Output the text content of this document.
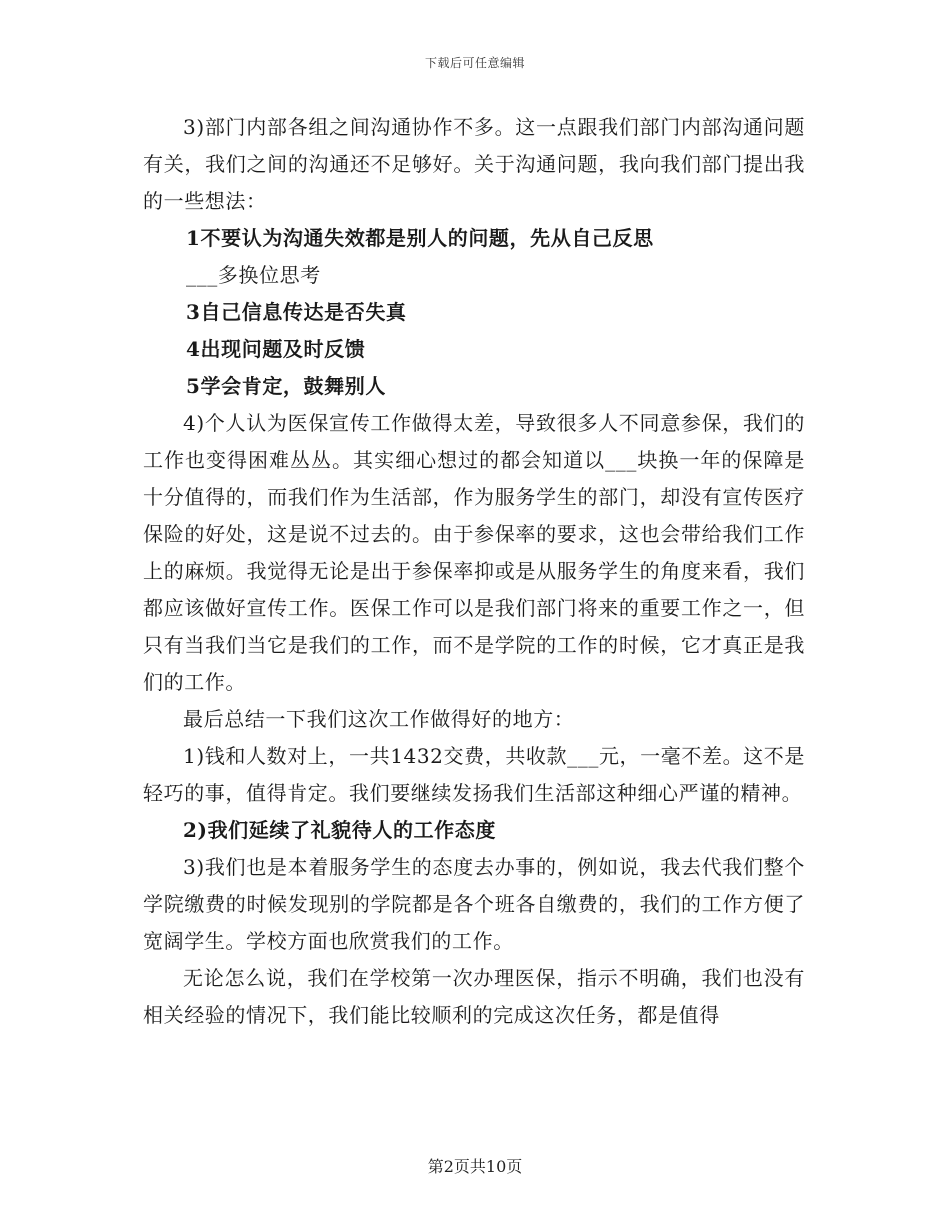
下载后可任意编辑

3)部门内部各组之间沟通协作不多。这一点跟我们部门内部沟通问题有关，我们之间的沟通还不足够好。关于沟通问题，我向我们部门提出我的一些想法：

1不要认为沟通失效都是别人的问题，先从自己反思

___多换位思考

3自己信息传达是否失真

4出现问题及时反馈

5学会肯定，鼓舞别人

4)个人认为医保宣传工作做得太差，导致很多人不同意参保，我们的工作也变得困难丛丛。其实细心想过的都会知道以___块换一年的保障是十分值得的，而我们作为生活部，作为服务学生的部门，却没有宣传医疗保险的好处，这是说不过去的。由于参保率的要求，这也会带给我们工作上的麻烦。我觉得无论是出于参保率抑或是从服务学生的角度来看，我们都应该做好宣传工作。医保工作可以是我们部门将来的重要工作之一，但只有当我们当它是我们的工作，而不是学院的工作的时候，它才真正是我们的工作。

最后总结一下我们这次工作做得好的地方：

1)钱和人数对上，一共1432交费，共收款___元，一毫不差。这不是轻巧的事，值得肯定。我们要继续发扬我们生活部这种细心严谨的精神。

2)我们延续了礼貌待人的工作态度

3)我们也是本着服务学生的态度去办事的，例如说，我去代我们整个学院缴费的时候发现别的学院都是各个班各自缴费的，我们的工作方便了宽阔学生。学校方面也欣赏我们的工作。

无论怎么说，我们在学校第一次办理医保，指示不明确，我们也没有相关经验的情况下，我们能比较顺利的完成这次任务，都是值得

第2页共10页
